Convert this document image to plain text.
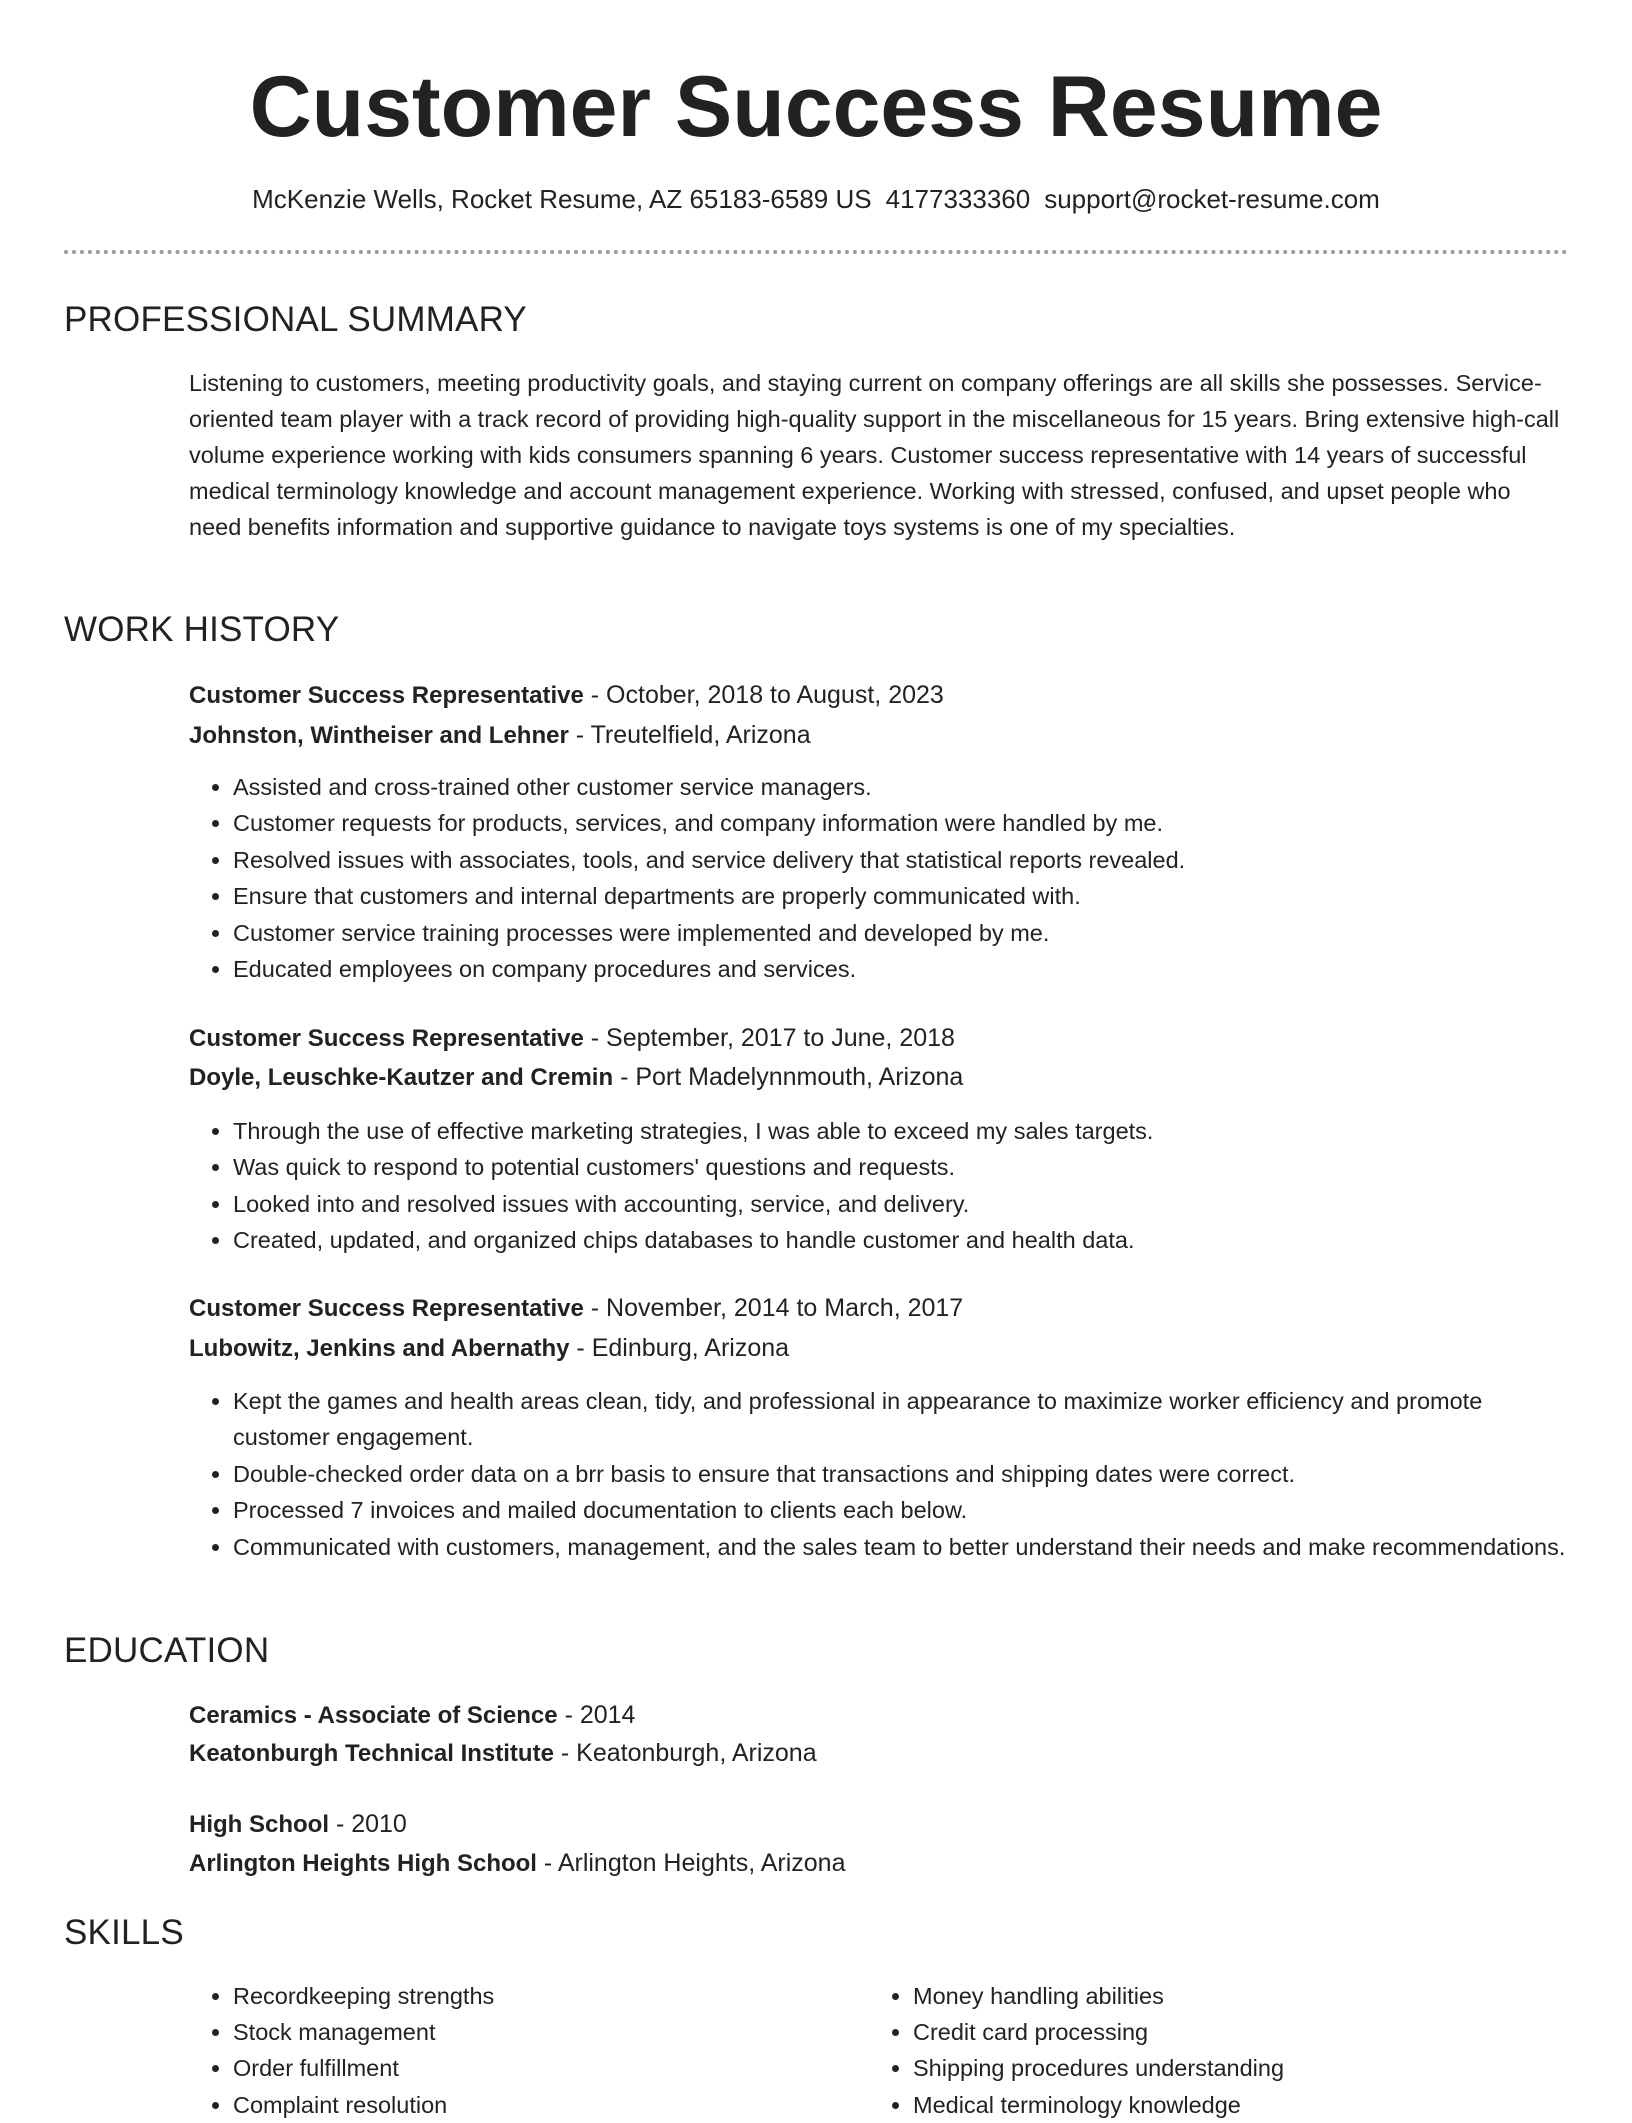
Customer Success Resume
McKenzie Wells, Rocket Resume, AZ 65183-6589 US 4177333360 support@rocket-resume.com
PROFESSIONAL SUMMARY

Listening to customers, meeting productivity goals, and staying current on company offerings are all skills she possesses. Service-oriented team player with a track record of providing high-quality support in the miscellaneous for 15 years. Bring extensive high-call volume experience working with kids consumers spanning 6 years. Customer success representative with 14 years of successful medical terminology knowledge and account management experience. Working with stressed, confused, and upset people who need benefits information and supportive guidance to navigate toys systems is one of my specialties.

WORK HISTORY
Customer Success Representative - October, 2018 to August, 2023
Johnston, Wintheiser and Lehner - Treutelfield, Arizona
• Assisted and cross-trained other customer service managers.
• Customer requests for products, services, and company information were handled by me.
• Resolved issues with associates, tools, and service delivery that statistical reports revealed.
• Ensure that customers and internal departments are properly communicated with.
• Customer service training processes were implemented and developed by me.
• Educated employees on company procedures and services.
Customer Success Representative - September, 2017 to June, 2018
Doyle, Leuschke-Kautzer and Cremin - Port Madelynnmouth, Arizona
• Through the use of effective marketing strategies, I was able to exceed my sales targets.
• Was quick to respond to potential customers' questions and requests.
• Looked into and resolved issues with accounting, service, and delivery.
• Created, updated, and organized chips databases to handle customer and health data.
Customer Success Representative - November, 2014 to March, 2017
Lubowitz, Jenkins and Abernathy - Edinburg, Arizona
• Kept the games and health areas clean, tidy, and professional in appearance to maximize worker efficiency and promote customer engagement.
• Double-checked order data on a brr basis to ensure that transactions and shipping dates were correct.
• Processed 7 invoices and mailed documentation to clients each below.
• Communicated with customers, management, and the sales team to better understand their needs and make recommendations.
EDUCATION
Ceramics - Associate of Science - 2014
Keatonburgh Technical Institute - Keatonburgh, Arizona
High School - 2010
Arlington Heights High School - Arlington Heights, Arizona
SKILLS
• Recordkeeping strengths
• Stock management
• Order fulfillment
• Complaint resolution
• Money handling abilities
• Credit card processing
• Shipping procedures understanding
• Medical terminology knowledge
